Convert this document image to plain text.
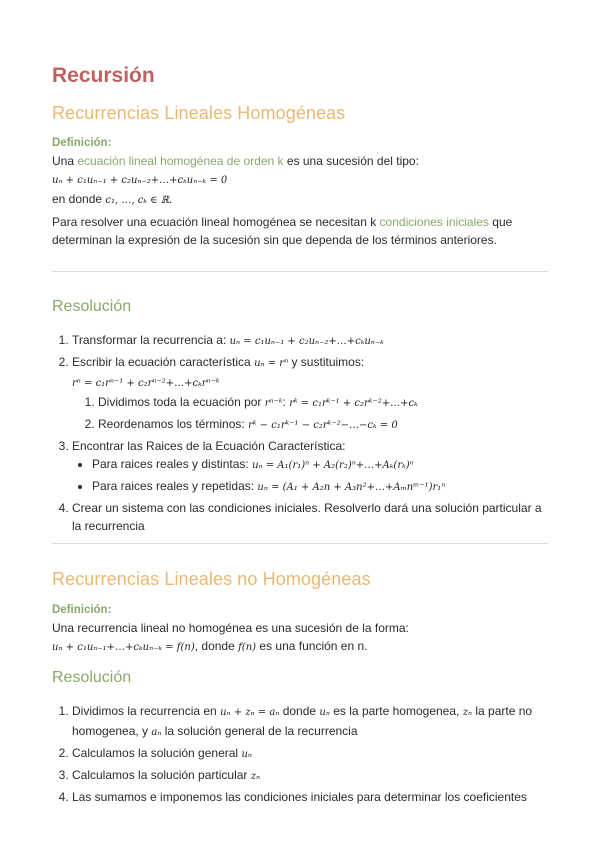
Recursión
Recurrencias Lineales Homogéneas
Definición:

Una ecuación lineal homogénea de orden k es una sucesión del tipo:

uₙ + c₁uₙ₋₁ + c₂uₙ₋₂+…+cₖuₙ₋ₖ = 0

en donde c₁, …, cₖ ∈ ℝ.

Para resolver una ecuación lineal homogénea se necesitan k condiciones iniciales que determinan la expresión de la sucesión sin que dependa de los términos anteriores.

Resolución
1. Transformar la recurrencia a: uₙ = c₁uₙ₋₁ + c₂uₙ₋₂+…+cₖuₙ₋ₖ
2. Escribir la ecuación característica uₙ = rⁿ y sustituimos:
rⁿ = c₁rⁿ⁻¹ + c₂rⁿ⁻²+…+cₖrⁿ⁻ᵏ
1. Dividimos toda la ecuación por rⁿ⁻ᵏ: rᵏ = c₁rᵏ⁻¹ + c₂rᵏ⁻²+…+cₖ
2. Reordenamos los términos: rᵏ − c₁rᵏ⁻¹ − c₂rᵏ⁻²−…−cₖ = 0
3. Encontrar las Raices de la Ecuación Característica:
• Para raices reales y distintas: uₙ = A₁(r₁)ⁿ + A₂(r₂)ⁿ+…+Aₖ(rₖ)ⁿ
• Para raices reales y repetidas: uₙ = (A₁ + A₂n + A₃n²+…+Aₘnᵐ⁻¹)r₁ⁿ
4. Crear un sistema con las condiciones iniciales. Resolverlo dará una solución particular a la recurrencia
Recurrencias Lineales no Homogéneas
Definición:

Una recurrencia lineal no homogénea es una sucesión de la forma:

uₙ + c₁uₙ₋₁+…+cₖuₙ₋ₖ = f(n), donde f(n) es una función en n.

Resolución
1. Dividimos la recurrencia en uₙ + zₙ = aₙ donde uₙ es la parte homogenea, zₙ la parte no homogenea, y aₙ la solución general de la recurrencia
2. Calculamos la solución general uₙ
3. Calculamos la solución particular zₙ
4. Las sumamos e imponemos las condiciones iniciales para determinar los coeficientes
